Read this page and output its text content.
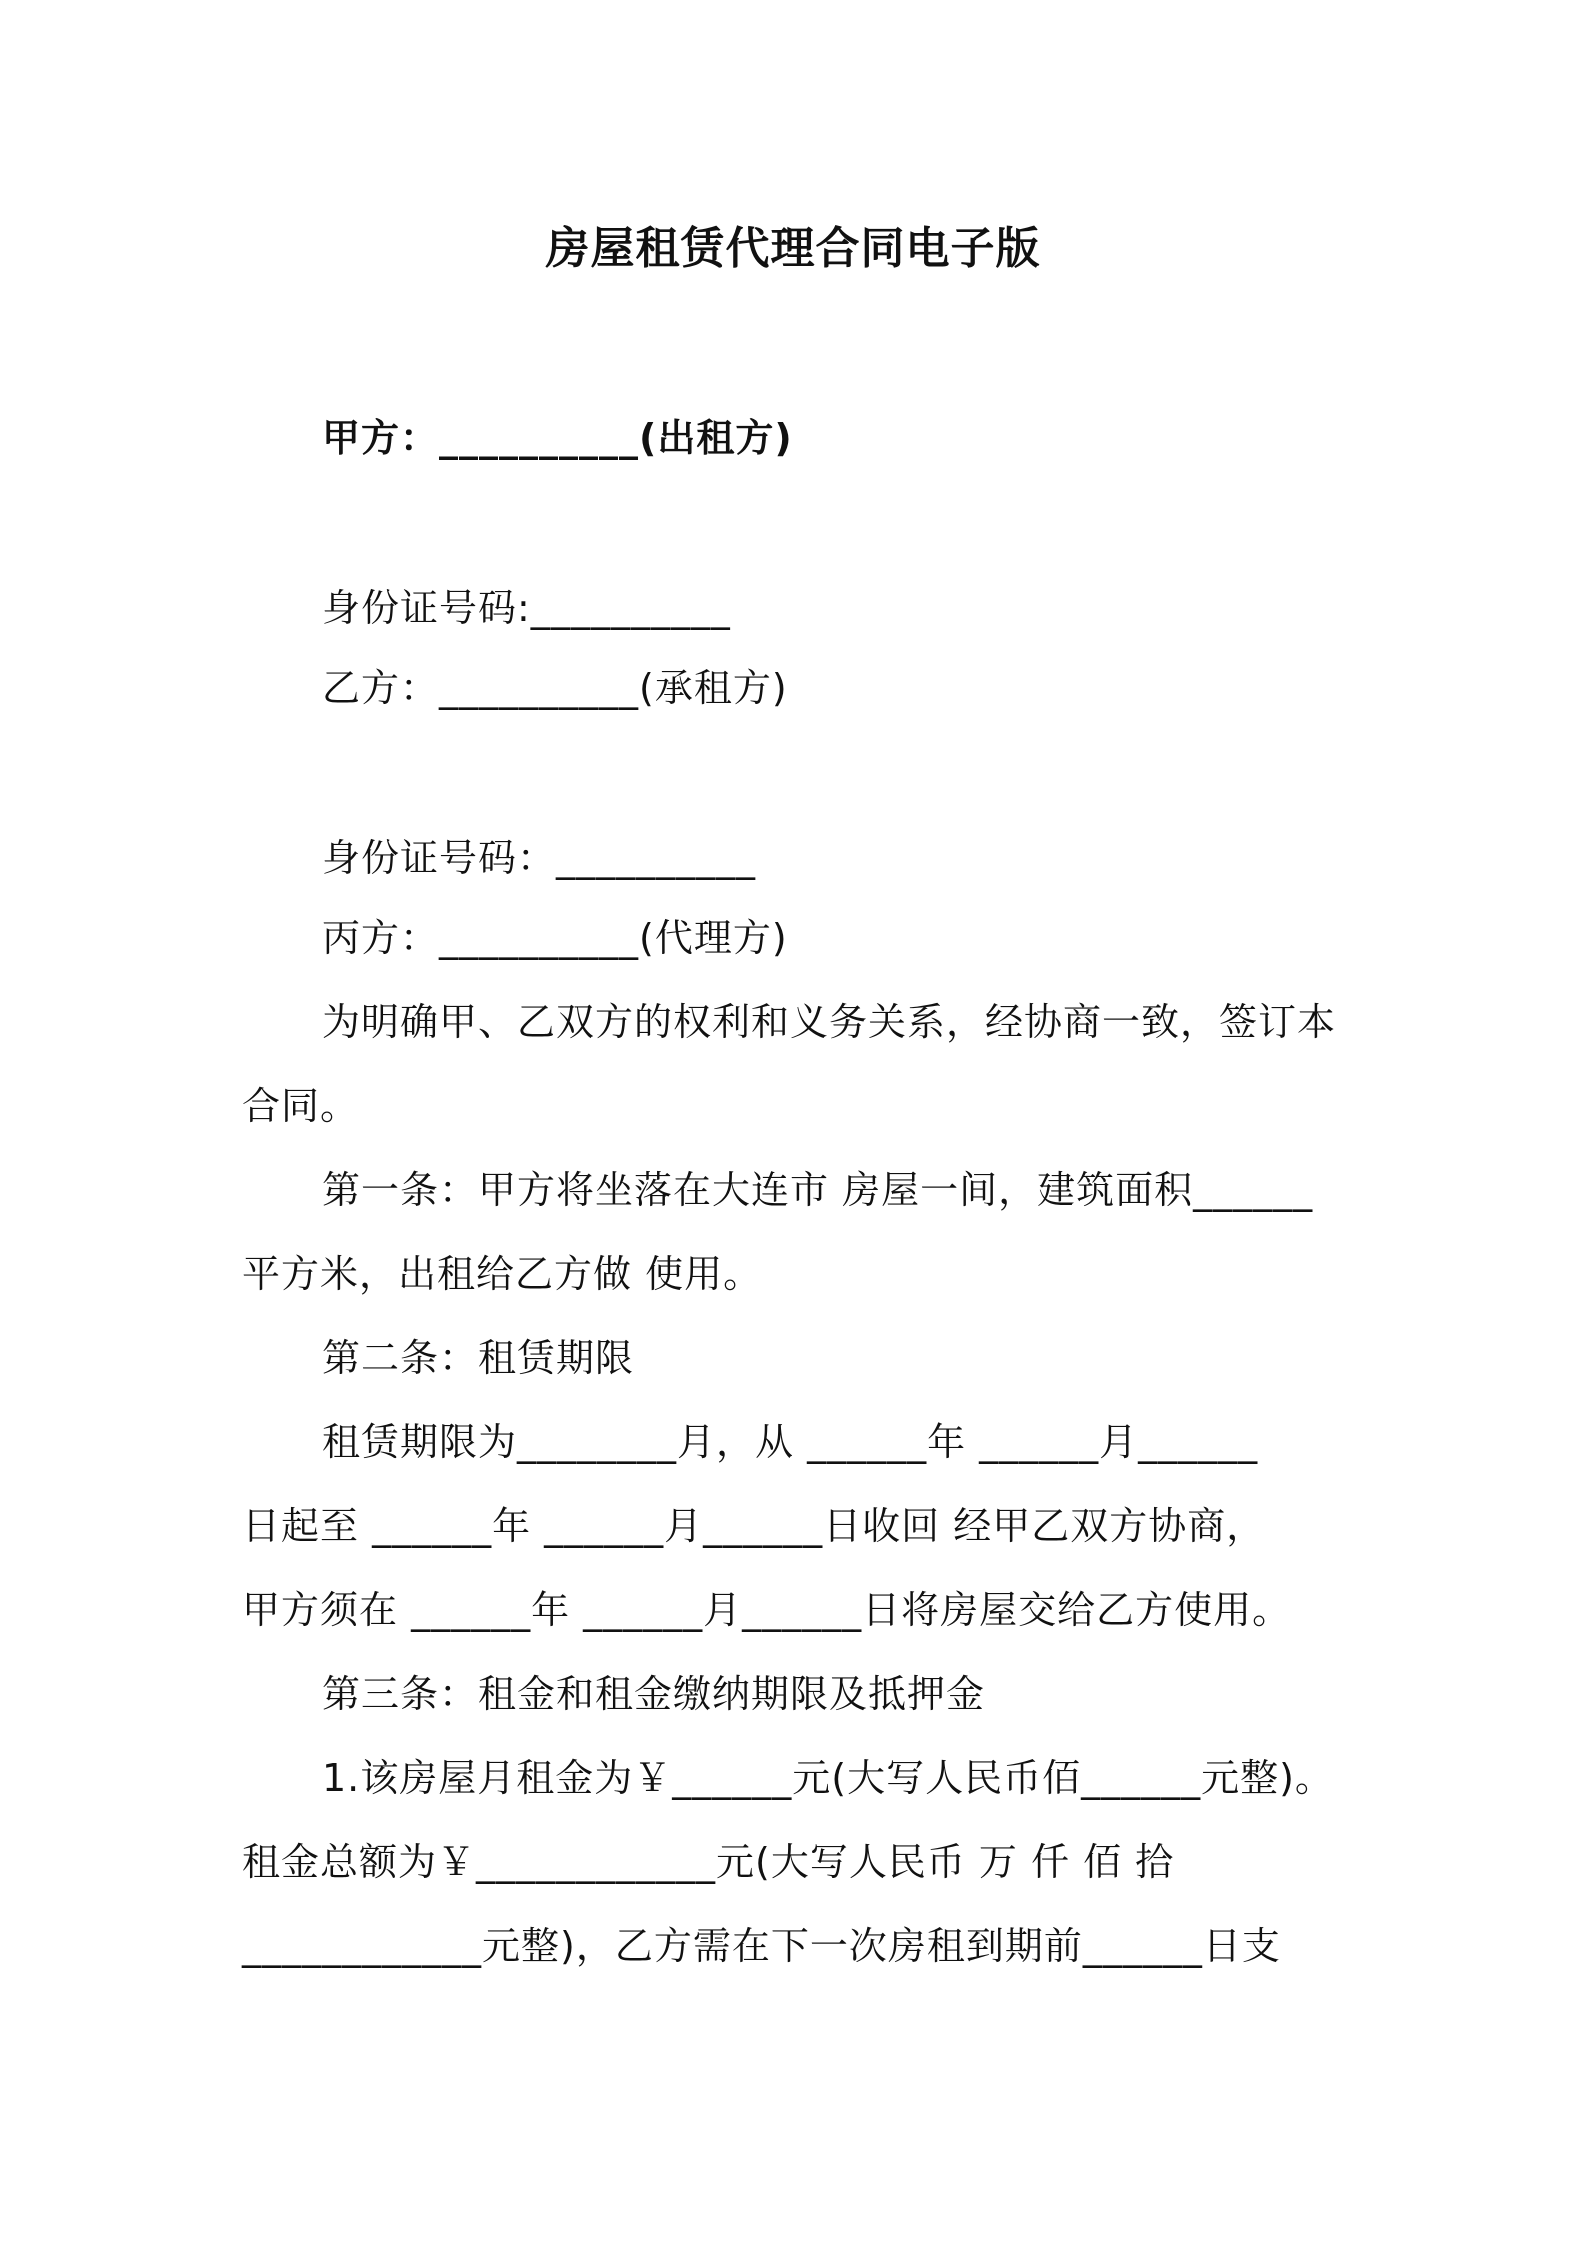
房屋租赁代理合同电子版
甲方：__________(出租方)
身份证号码:__________
乙方：__________(承租方)
身份证号码：__________
丙方：__________(代理方)
为明确甲、乙双方的权利和义务关系，经协商一致，签订本
合同。
第一条：甲方将坐落在大连市 房屋一间，建筑面积______
平方米，出租给乙方做 使用。
第二条：租赁期限
租赁期限为________月，从 ______年 ______月______
日起至 ______年 ______月______日收回 经甲乙双方协商，
甲方须在 ______年 ______月______日将房屋交给乙方使用。
第三条：租金和租金缴纳期限及抵押金
1.该房屋月租金为￥______元(大写人民币佰______元整)。
租金总额为￥____________元(大写人民币 万 仟 佰 拾
____________元整)，乙方需在下一次房租到期前______日支
